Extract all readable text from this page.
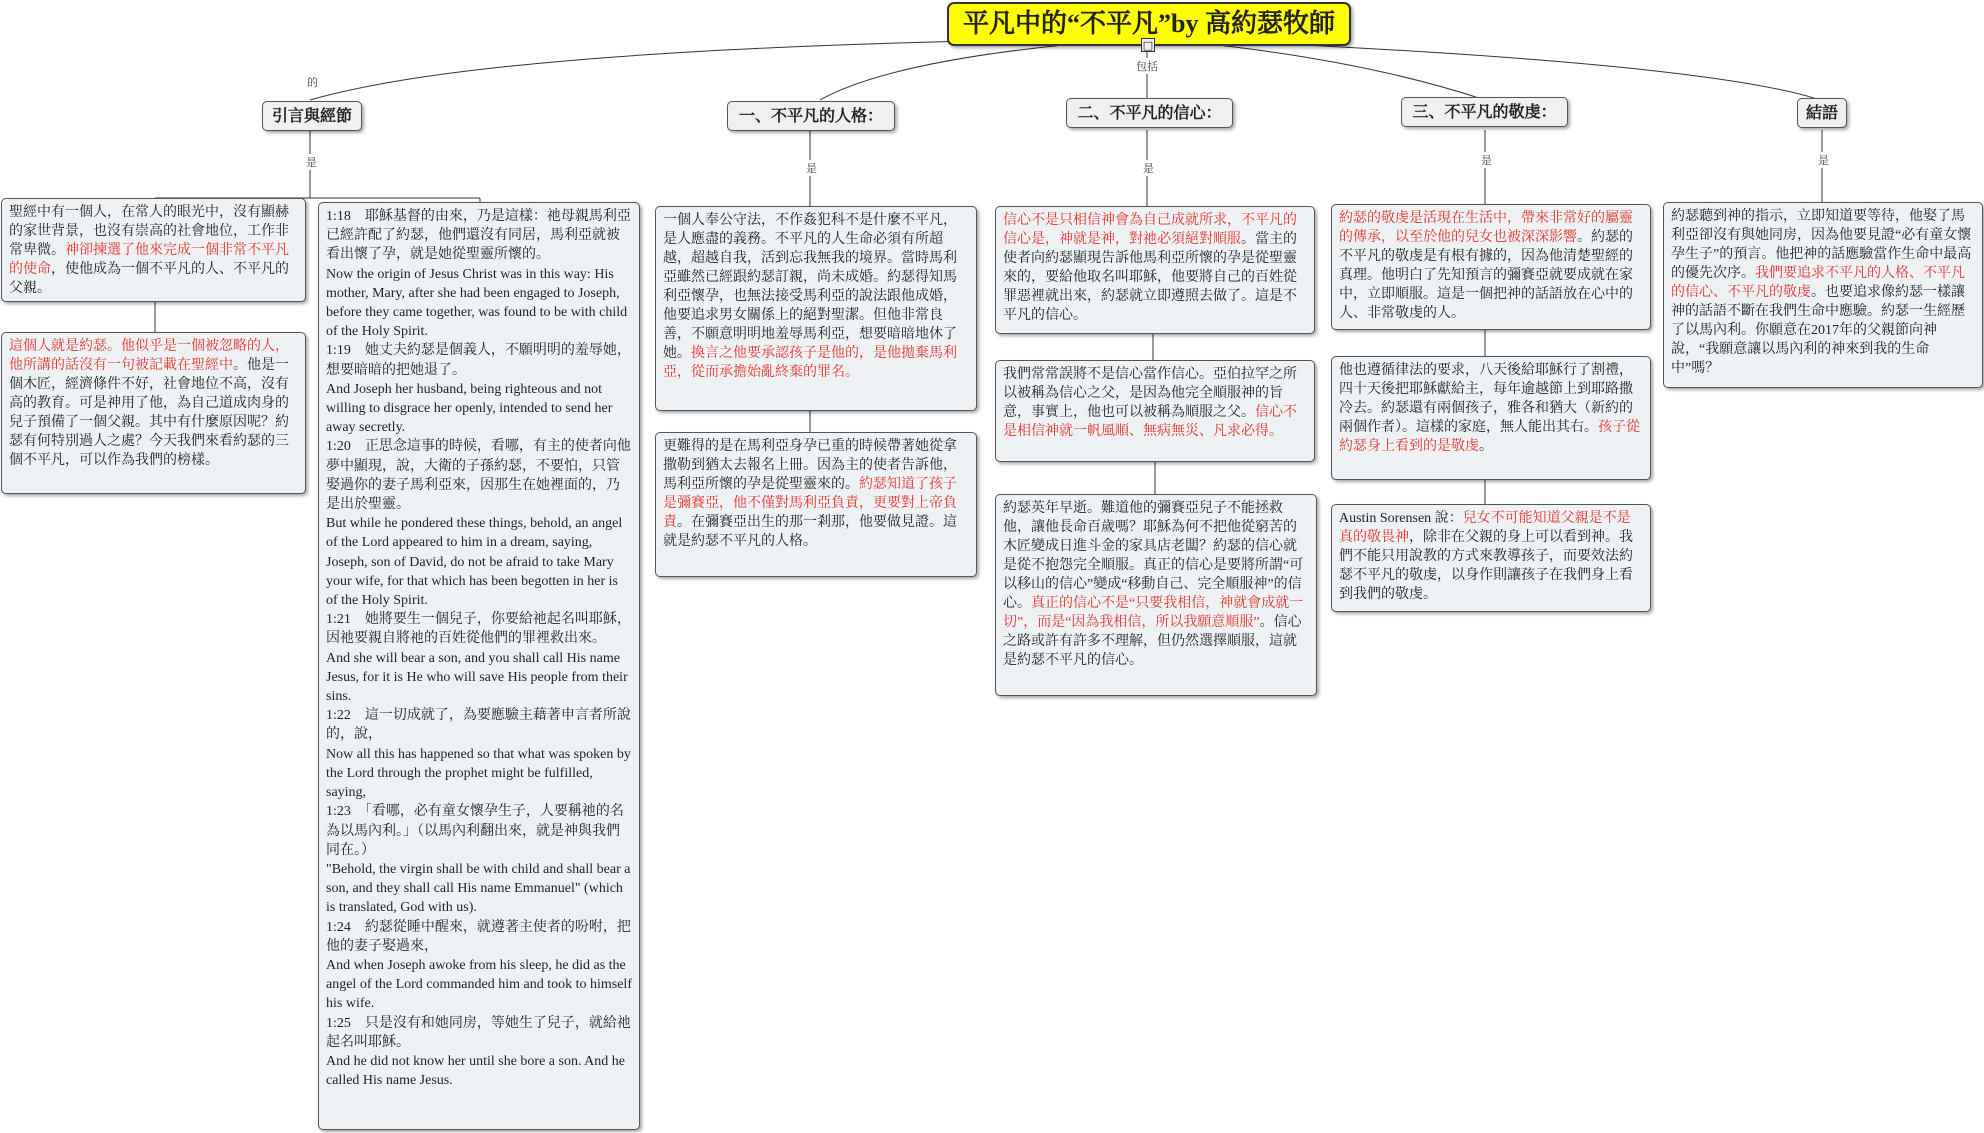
平凡中的“不平凡”by 高約瑟牧師
□
的
包括
是	是	是
是	是
引言與經節	一、不平凡的人格：	二、不平凡的信心：	三、不平凡的敬虔：	結語
聖經中有一個人，在常人的眼光中，沒有顯赫的家世背景，也沒有崇高的社會地位，工作非常卑微。神卻揀選了他來完成一個非常不平凡的使命，使他成為一個不平凡的人、不平凡的父親。
這個人就是約瑟。他似乎是一個被忽略的人，他所講的話沒有一句被記載在聖經中。他是一個木匠，經濟條件不好，社會地位不高，沒有高的教育。可是神用了他，為自己道成肉身的兒子預備了一個父親。其中有什麼原因呢？約瑟有何特別過人之處？今天我們來看約瑟的三個不平凡，可以作為我們的榜樣。
1:18　耶穌基督的由來，乃是這樣：祂母親馬利亞已經許配了約瑟，他們還沒有同居，馬利亞就被看出懷了孕，就是她從聖靈所懷的。
Now the origin of Jesus Christ was in this way: His mother, Mary, after she had been engaged to Joseph, before they came together, was found to be with child of the Holy Spirit.
1:19　她丈夫約瑟是個義人，不願明明的羞辱她，想要暗暗的把她退了。
And Joseph her husband, being righteous and not willing to disgrace her openly, intended to send her away secretly.
1:20　正思念這事的時候，看哪，有主的使者向他夢中顯現，說，大衛的子孫約瑟，不要怕，只管娶過你的妻子馬利亞來，因那生在她裡面的，乃是出於聖靈。
But while he pondered these things, behold, an angel of the Lord appeared to him in a dream, saying, Joseph, son of David, do not be afraid to take Mary your wife, for that which has been begotten in her is of the Holy Spirit.
1:21　她將要生一個兒子，你要給祂起名叫耶穌，因祂要親自將祂的百姓從他們的罪裡救出來。
And she will bear a son, and you shall call His name Jesus, for it is He who will save His people from their sins.
1:22　這一切成就了，為要應驗主藉著申言者所說的，說，
Now all this has happened so that what was spoken by the Lord through the prophet might be fulfilled, saying,
1:23　「看哪，必有童女懷孕生子，人要稱祂的名為以馬內利。」（以馬內利翻出來，就是神與我們同在。）
"Behold, the virgin shall be with child and shall bear a son, and they shall call His name Emmanuel" (which is translated, God with us).
1:24　約瑟從睡中醒來，就遵著主使者的吩咐，把他的妻子娶過來，
And when Joseph awoke from his sleep, he did as the angel of the Lord commanded him and took to himself his wife.
1:25　只是沒有和她同房，等她生了兒子，就給祂起名叫耶穌。
And he did not know her until she bore a son. And he called His name Jesus.
一個人奉公守法，不作姦犯科不是什麼不平凡，是人應盡的義務。不平凡的人生命必須有所超越，超越自我，活到忘我無我的境界。當時馬利亞雖然已經跟約瑟訂親，尚未成婚。約瑟得知馬利亞懷孕，也無法接受馬利亞的說法跟他成婚，他要追求男女關係上的絕對聖潔。但他非常良善，不願意明明地羞辱馬利亞，想要暗暗地休了她。換言之他要承認孩子是他的，是他拋棄馬利亞，從而承擔始亂終棄的罪名。
更難得的是在馬利亞身孕已重的時候帶著她從拿撒勒到猶太去報名上冊。因為主的使者告訴他，馬利亞所懷的孕是從聖靈來的。約瑟知道了孩子是彌賽亞，他不僅對馬利亞負責，更要對上帝負責。在彌賽亞出生的那一剎那，他要做見證。這就是約瑟不平凡的人格。
信心不是只相信神會為自己成就所求，不平凡的信心是，神就是神，對祂必須絕對順服。當主的使者向約瑟顯現告訴他馬利亞所懷的孕是從聖靈來的，要給他取名叫耶穌，他要將自己的百姓從罪惡裡就出來，約瑟就立即遵照去做了。這是不平凡的信心。
我們常常誤將不是信心當作信心。亞伯拉罕之所以被稱為信心之父，是因為他完全順服神的旨意，事實上，他也可以被稱為順服之父。信心不是相信神就一帆風順、無病無災、凡求必得。
約瑟英年早逝。難道他的彌賽亞兒子不能拯救他，讓他長命百歲嗎？耶穌為何不把他從窮苦的木匠變成日進斗金的家具店老闆？約瑟的信心就是從不抱怨完全順服。真正的信心是要將所謂“可以移山的信心”變成“移動自己、完全順服神”的信心。真正的信心不是“只要我相信，神就會成就一切”，而是“因為我相信，所以我願意順服”。信心之路或許有許多不理解，但仍然選擇順服，這就是約瑟不平凡的信心。
約瑟的敬虔是活現在生活中，帶來非常好的屬靈的傳承，以至於他的兒女也被深深影響。約瑟的不平凡的敬虔是有根有據的，因為他清楚聖經的真理。他明白了先知預言的彌賽亞就要成就在家中，立即順服。這是一個把神的話語放在心中的人、非常敬虔的人。
他也遵循律法的要求，八天後給耶穌行了割禮，四十天後把耶穌獻給主，每年逾越節上到耶路撒冷去。約瑟還有兩個孩子，雅各和猶大（新約的兩個作者）。這樣的家庭，無人能出其右。孩子從約瑟身上看到的是敬虔。
Austin Sorensen 說：兒女不可能知道父親是不是真的敬畏神，除非在父親的身上可以看到神。我們不能只用說教的方式來教導孩子，而要效法約瑟不平凡的敬虔，以身作則讓孩子在我們身上看到我們的敬虔。
約瑟聽到神的指示，立即知道要等待，他娶了馬利亞卻沒有與她同房，因為他要見證“必有童女懷孕生子”的預言。他把神的話應驗當作生命中最高的優先次序。我們要追求不平凡的人格、不平凡的信心、不平凡的敬虔。也要追求像約瑟一樣讓神的話語不斷在我們生命中應驗。約瑟一生經歷了以馬內利。你願意在2017年的父親節向神說，“我願意讓以馬內利的神來到我的生命中”嗎？
